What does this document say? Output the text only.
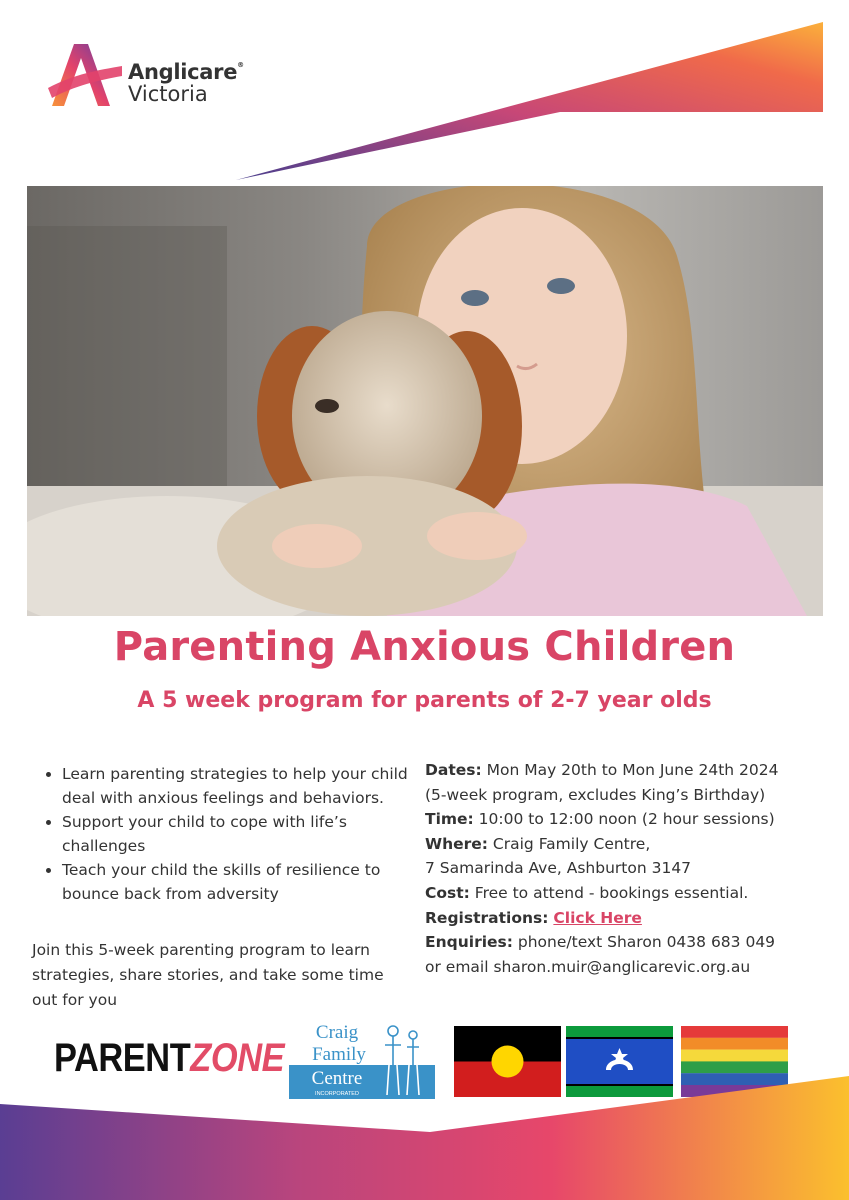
Anglicare®
Victoria
Parenting Anxious Children
A 5 week program for parents of 2-7 year olds
• Learn parenting strategies to help your child deal with anxious feelings and behaviors.
• Support your child to cope with life’s challenges
• Teach your child the skills of resilience to bounce back from adversity
Join this 5-week parenting program to learn strategies, share stories, and take some time out for you
Dates: Mon May 20th to Mon June 24th 2024
(5-week program, excludes King’s Birthday)
Time: 10:00 to 12:00 noon (2 hour sessions)
Where: Craig Family Centre,
7 Samarinda Ave, Ashburton 3147
Cost: Free to attend - bookings essential.
Registrations: Click Here
Enquiries: phone/text Sharon 0438 683 049
or email sharon.muir@anglicarevic.org.au
PARENTZONE
Craig
Family
Centre
INCORPORATED
